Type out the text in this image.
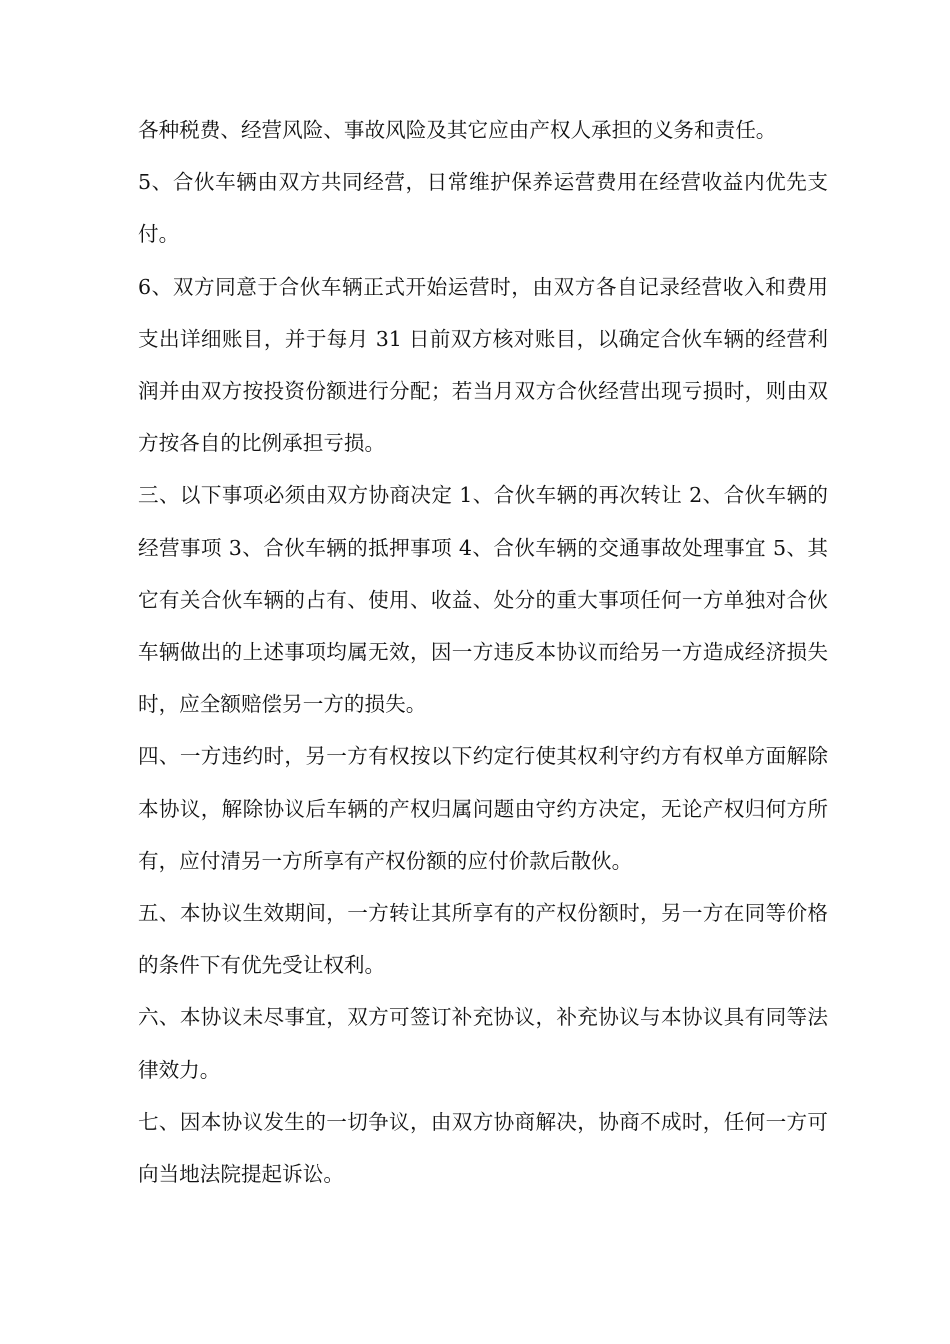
各种税费、经营风险、事故风险及其它应由产权人承担的义务和责任。

5、合伙车辆由双方共同经营，日常维护保养运营费用在经营收益内优先支付。

6、双方同意于合伙车辆正式开始运营时，由双方各自记录经营收入和费用支出详细账目，并于每月 31 日前双方核对账目，以确定合伙车辆的经营利润并由双方按投资份额进行分配；若当月双方合伙经营出现亏损时，则由双方按各自的比例承担亏损。

三、以下事项必须由双方协商决定 1、合伙车辆的再次转让 2、合伙车辆的经营事项 3、合伙车辆的抵押事项 4、合伙车辆的交通事故处理事宜 5、其它有关合伙车辆的占有、使用、收益、处分的重大事项任何一方单独对合伙车辆做出的上述事项均属无效，因一方违反本协议而给另一方造成经济损失时，应全额赔偿另一方的损失。

四、一方违约时，另一方有权按以下约定行使其权利守约方有权单方面解除本协议，解除协议后车辆的产权归属问题由守约方决定，无论产权归何方所有，应付清另一方所享有产权份额的应付价款后散伙。

五、本协议生效期间，一方转让其所享有的产权份额时，另一方在同等价格的条件下有优先受让权利。

六、本协议未尽事宜，双方可签订补充协议，补充协议与本协议具有同等法律效力。

七、因本协议发生的一切争议，由双方协商解决，协商不成时，任何一方可向当地法院提起诉讼。
